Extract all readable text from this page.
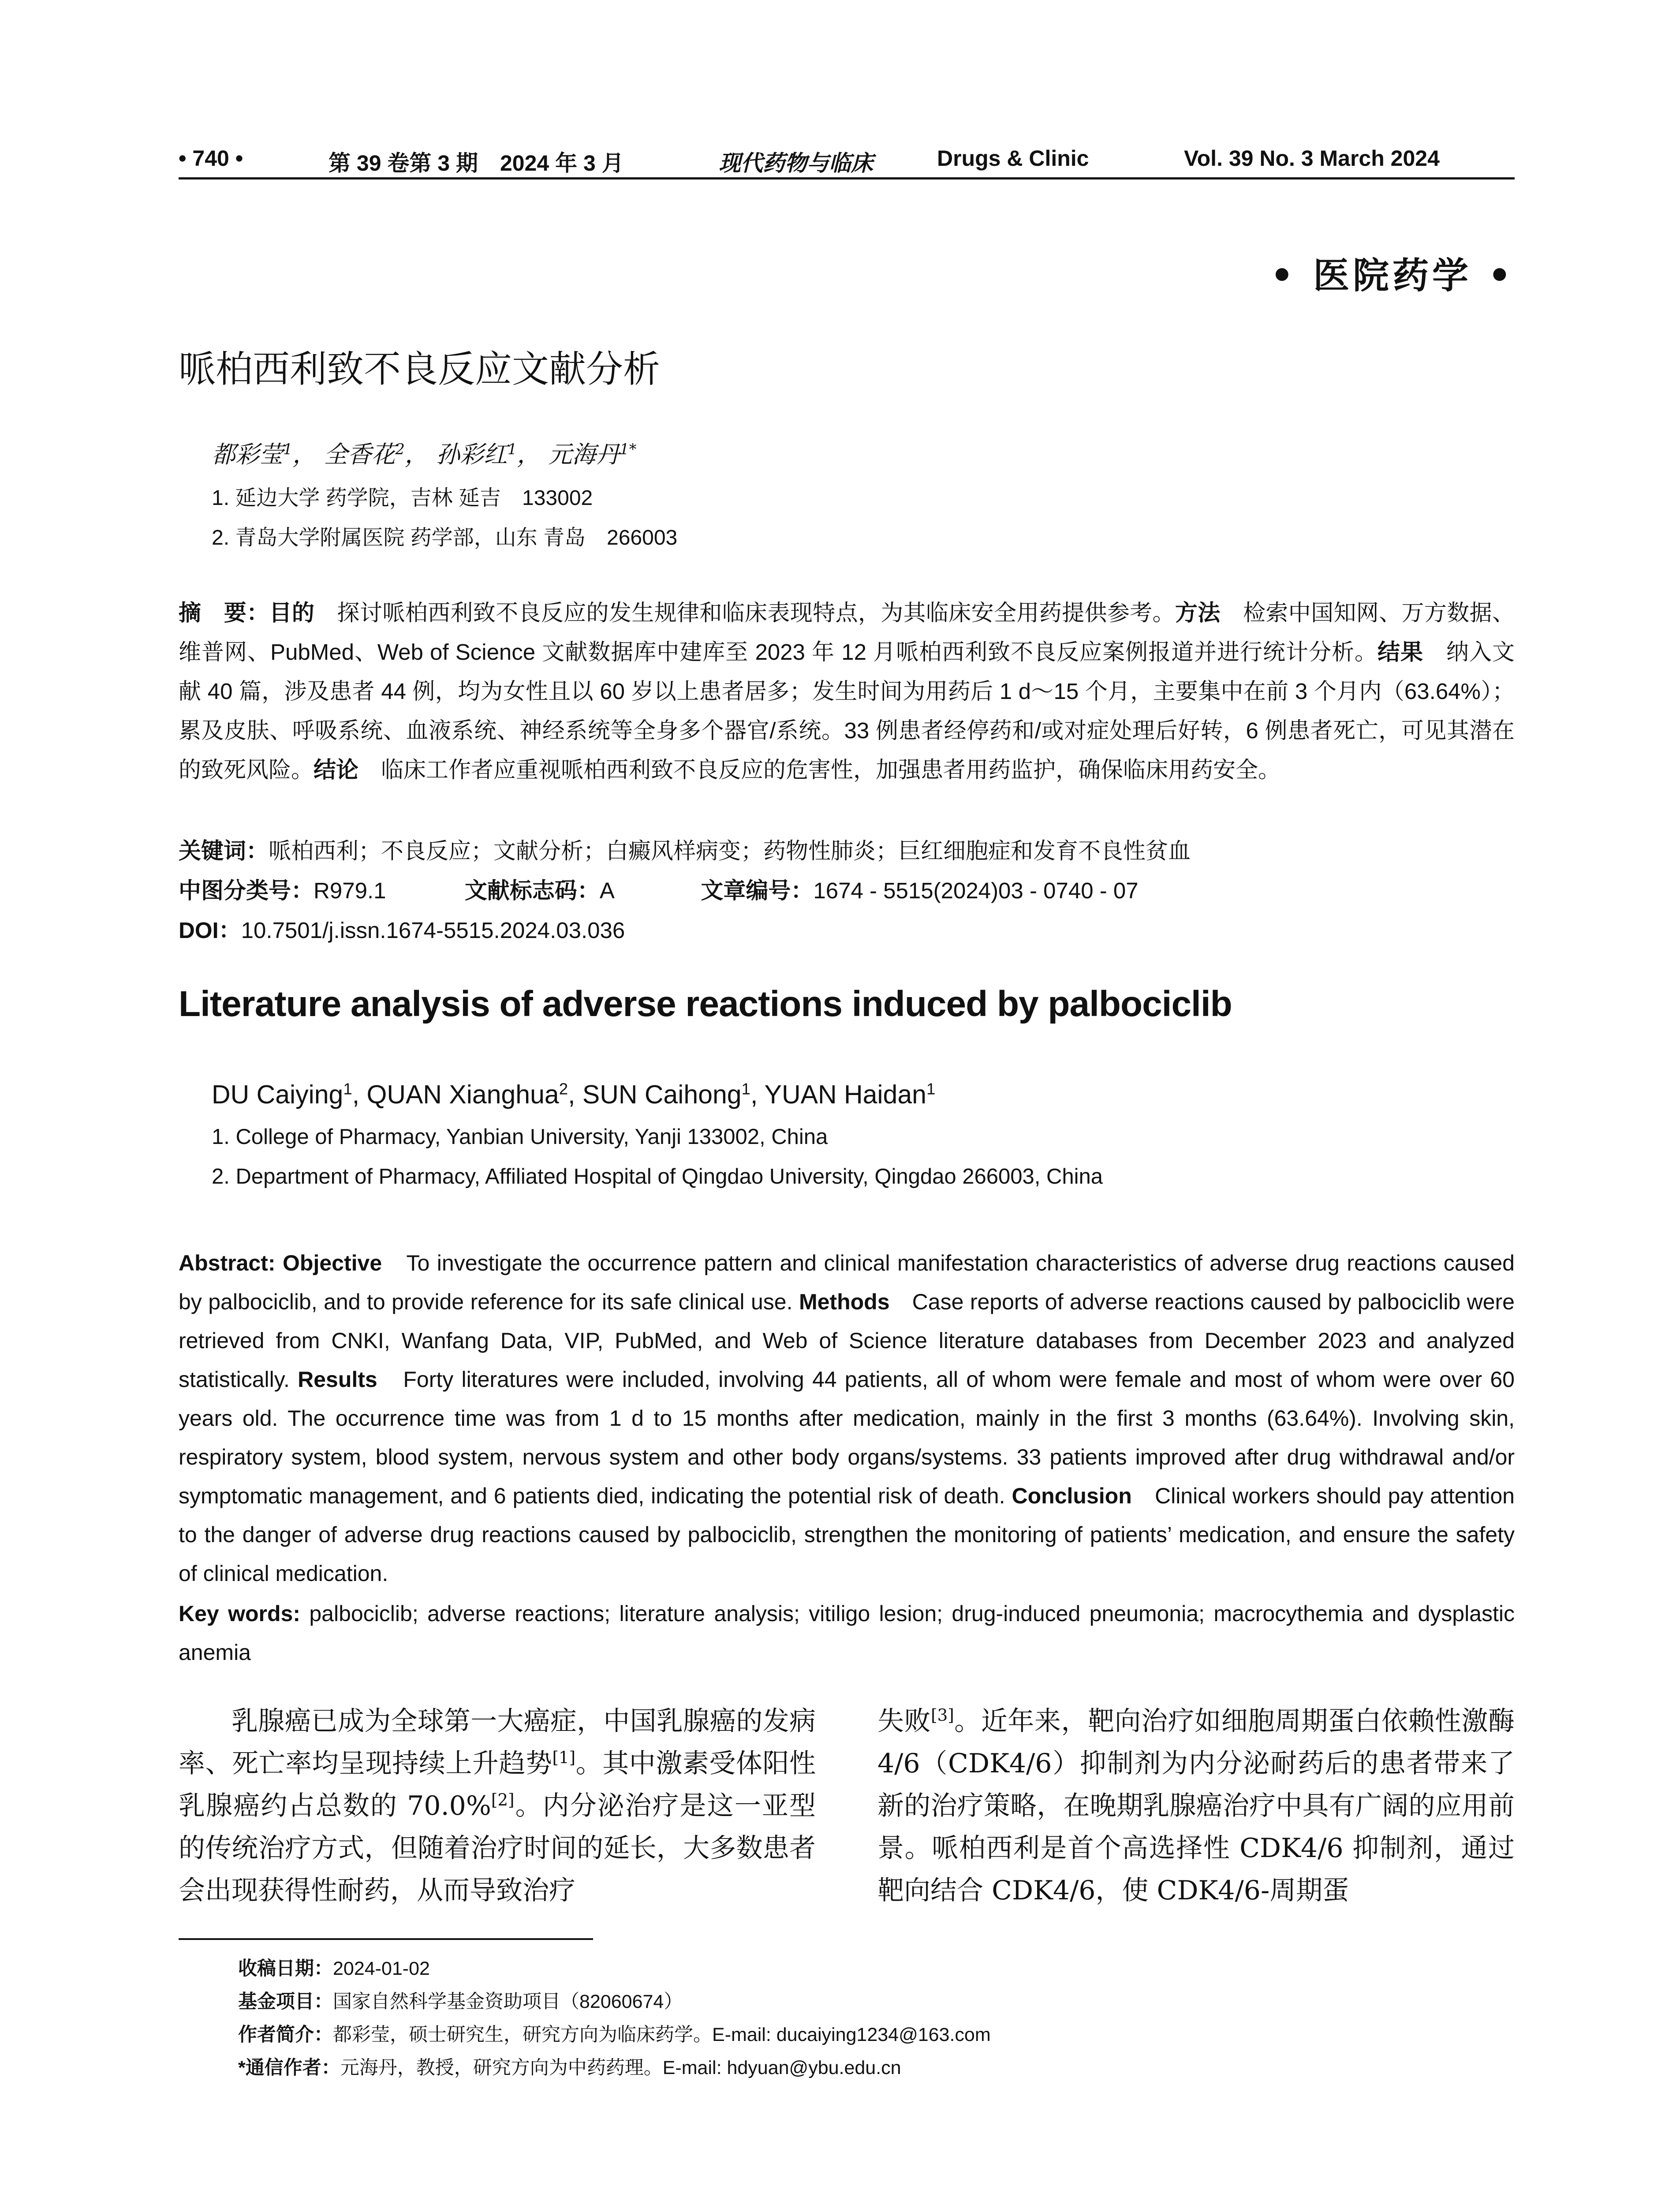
• 740 •	第 39 卷第 3 期　2024 年 3 月	现代药物与临床	Drugs & Clinic	Vol. 39 No. 3 March 2024
• 医院药学 •
哌柏西利致不良反应文献分析
都彩莹$^1$， 全香花$^2$， 孙彩红$^1$， 元海丹$^{1*}$
1. 延边大学 药学院，吉林 延吉　133002
2. 青岛大学附属医院 药学部，山东 青岛　266003
摘　要：目的　探讨哌柏西利致不良反应的发生规律和临床表现特点，为其临床安全用药提供参考。方法　检索中国知网、万方数据、维普网、PubMed、Web of Science 文献数据库中建库至 2023 年 12 月哌柏西利致不良反应案例报道并进行统计分析。结果　纳入文献 40 篇，涉及患者 44 例，均为女性且以 60 岁以上患者居多；发生时间为用药后 1 d～15 个月，主要集中在前 3 个月内（63.64%）；累及皮肤、呼吸系统、血液系统、神经系统等全身多个器官/系统。33 例患者经停药和/或对症处理后好转，6 例患者死亡，可见其潜在的致死风险。结论　临床工作者应重视哌柏西利致不良反应的危害性，加强患者用药监护，确保临床用药安全。
关键词：哌柏西利；不良反应；文献分析；白癜风样病变；药物性肺炎；巨红细胞症和发育不良性贫血
中图分类号：R979.1	文献标志码：A	文章编号：1674 - 5515(2024)03 - 0740 - 07
DOI：10.7501/j.issn.1674-5515.2024.03.036
Literature analysis of adverse reactions induced by palbociclib
DU Caiying$^1$, QUAN Xianghua$^2$, SUN Caihong$^1$, YUAN Haidan$^1$
1. College of Pharmacy, Yanbian University, Yanji 133002, China
2. Department of Pharmacy, Affiliated Hospital of Qingdao University, Qingdao 266003, China
Abstract: Objective　To investigate the occurrence pattern and clinical manifestation characteristics of adverse drug reactions caused by palbociclib, and to provide reference for its safe clinical use. Methods　Case reports of adverse reactions caused by palbociclib were retrieved from CNKI, Wanfang Data, VIP, PubMed, and Web of Science literature databases from December 2023 and analyzed statistically. Results　Forty literatures were included, involving 44 patients, all of whom were female and most of whom were over 60 years old. The occurrence time was from 1 d to 15 months after medication, mainly in the first 3 months (63.64%). Involving skin, respiratory system, blood system, nervous system and other body organs/systems. 33 patients improved after drug withdrawal and/or symptomatic management, and 6 patients died, indicating the potential risk of death. Conclusion　Clinical workers should pay attention to the danger of adverse drug reactions caused by palbociclib, strengthen the monitoring of patients’ medication, and ensure the safety of clinical medication.
Key words: palbociclib; adverse reactions; literature analysis; vitiligo lesion; drug-induced pneumonia; macrocythemia and dysplastic anemia
乳腺癌已成为全球第一大癌症，中国乳腺癌的发病率、死亡率均呈现持续上升趋势[1]。其中激素受体阳性乳腺癌约占总数的 70.0%[2]。内分泌治疗是这一亚型的传统治疗方式，但随着治疗时间的延长，大多数患者会出现获得性耐药，从而导致治疗
失败[3]。近年来，靶向治疗如细胞周期蛋白依赖性激酶 4/6（CDK4/6）抑制剂为内分泌耐药后的患者带来了新的治疗策略，在晚期乳腺癌治疗中具有广阔的应用前景。哌柏西利是首个高选择性 CDK4/6 抑制剂，通过靶向结合 CDK4/6，使 CDK4/6-周期蛋
收稿日期：2024-01-02
基金项目：国家自然科学基金资助项目（82060674）
作者简介：都彩莹，硕士研究生，研究方向为临床药学。E-mail: ducaiying1234@163.com
*通信作者：元海丹，教授，研究方向为中药药理。E-mail: hdyuan@ybu.edu.cn
